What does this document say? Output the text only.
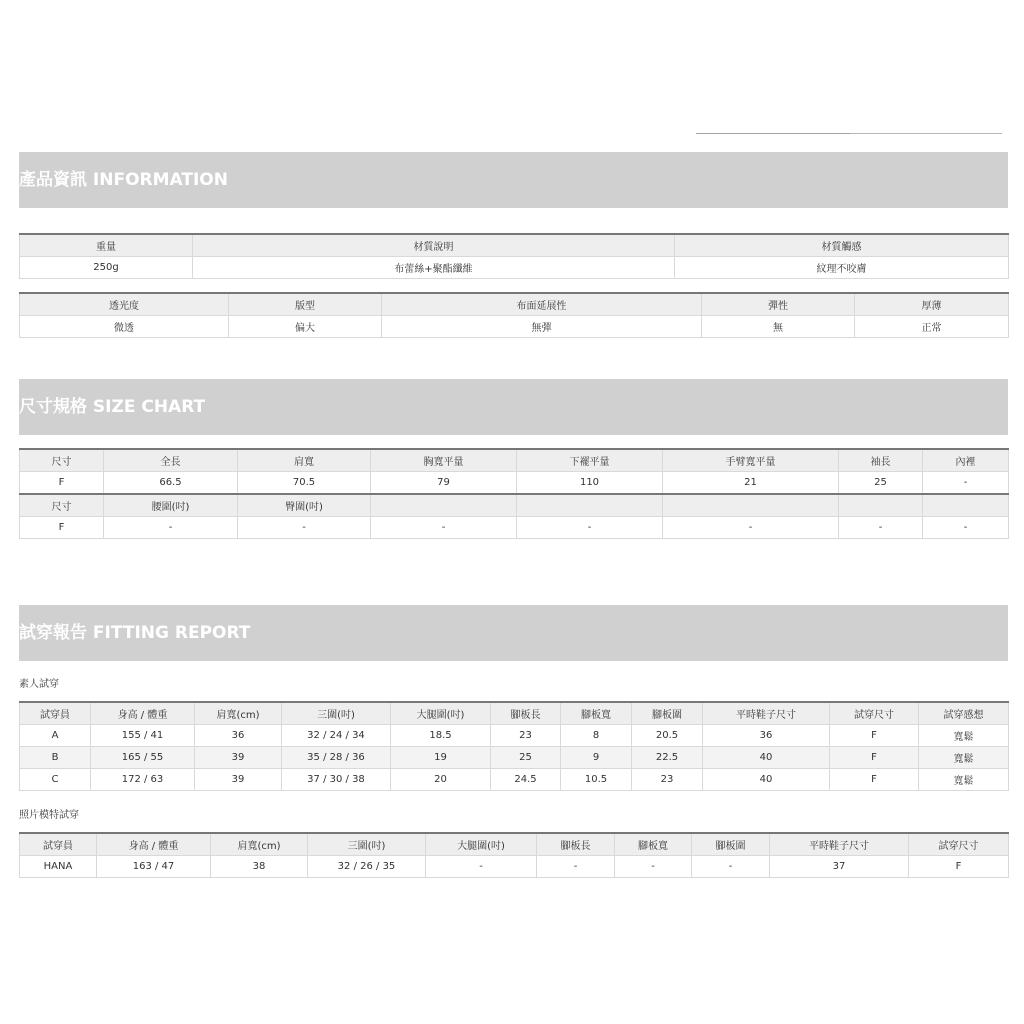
產品資訊 INFORMATION
重量	材質說明	材質觸感
250g	布蕾絲+聚酯纖維	紋理不咬膚
透光度	版型	布面延展性	彈性	厚薄
微透	偏大	無彈	無	正常
尺寸規格 SIZE CHART
尺寸	全長	肩寬	胸寬平量	下襬平量	手臂寬平量	袖長	內裡
F	66.5	70.5	79	110	21	25	-
尺寸	腰圍(吋)	臀圍(吋)					
F	-	-	-	-	-	-	-
試穿報告 FITTING REPORT
素人試穿
試穿員	身高 / 體重	肩寬(cm)	三圍(吋)	大腿圍(吋)	腳板長	腳板寬	腳板圍	平時鞋子尺寸	試穿尺寸	試穿感想
A	155 / 41	36	32 / 24 / 34	18.5	23	8	20.5	36	F	寬鬆
B	165 / 55	39	35 / 28 / 36	19	25	9	22.5	40	F	寬鬆
C	172 / 63	39	37 / 30 / 38	20	24.5	10.5	23	40	F	寬鬆
照片模特試穿
試穿員	身高 / 體重	肩寬(cm)	三圍(吋)	大腿圍(吋)	腳板長	腳板寬	腳板圍	平時鞋子尺寸	試穿尺寸
HANA	163 / 47	38	32 / 26 / 35	-	-	-	-	37	F
